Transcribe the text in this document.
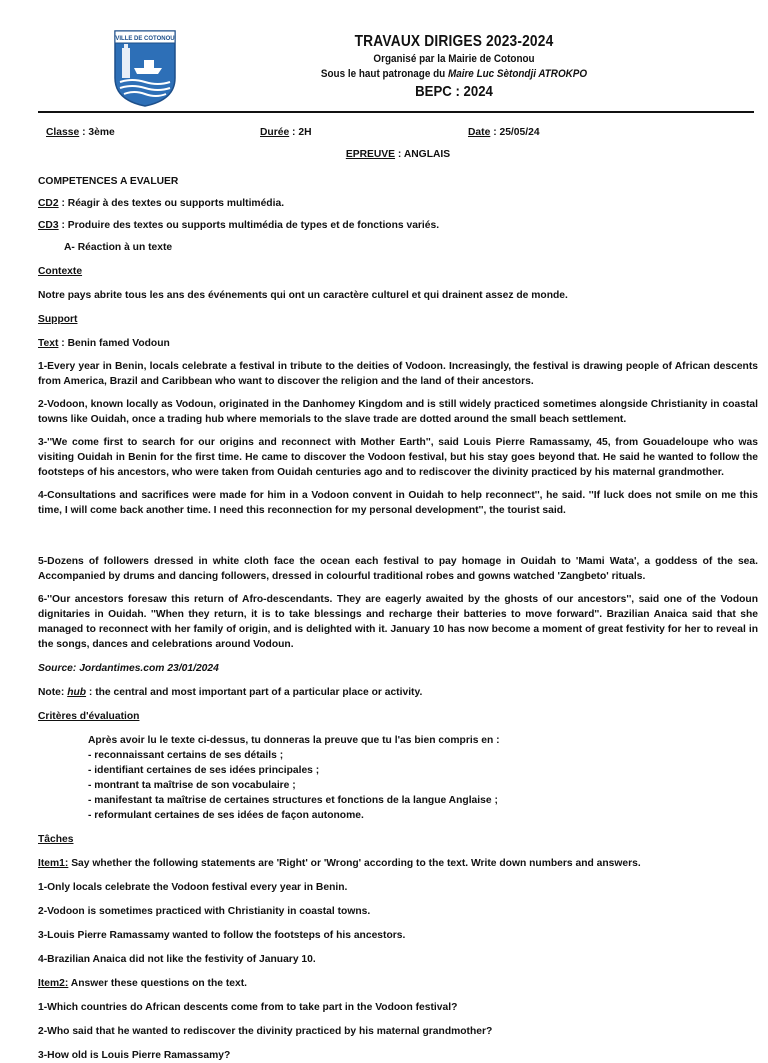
VILLE DE COTONOU	TRAVAUX DIRIGES 2023-2024
Organisé par la Mairie de Cotonou
Sous le haut patronage du Maire Luc Sètondji ATROKPO
BEPC : 2024
Classe : 3ème	Durée : 2H	Date : 25/05/24

EPREUVE : ANGLAIS

COMPETENCES A EVALUER

CD2 : Réagir à des textes ou supports multimédia.

CD3 : Produire des textes ou supports multimédia de types et de fonctions variés.

A- Réaction à un texte

Contexte

Notre pays abrite tous les ans des événements qui ont un caractère culturel et qui drainent assez de monde.

Support

Text : Benin famed Vodoun

1-Every year in Benin, locals celebrate a festival in tribute to the deities of Vodoon. Increasingly, the festival is drawing people of African descents from America, Brazil and Caribbean who want to discover the religion and the land of their ancestors.

2-Vodoon, known locally as Vodoun, originated in the Danhomey Kingdom and is still widely practiced sometimes alongside Christianity in coastal towns like Ouidah, once a trading hub where memorials to the slave trade are dotted around the small beach settlement.

3-''We come first to search for our origins and reconnect with Mother Earth'', said Louis Pierre Ramassamy, 45, from Gouadeloupe who was visiting Ouidah in Benin for the first time. He came to discover the Vodoon festival, but his stay goes beyond that. He said he wanted to follow the footsteps of his ancestors, who were taken from Ouidah centuries ago and to rediscover the divinity practiced by his maternal grandmother.

4-Consultations and sacrifices were made for him in a Vodoon convent in Ouidah to help reconnect'', he said. ''If luck does not smile on me this time, I will come back another time. I need this reconnection for my personal development'', the tourist said.

5-Dozens of followers dressed in white cloth face the ocean each festival to pay homage in Ouidah to 'Mami Wata', a goddess of the sea. Accompanied by drums and dancing followers, dressed in colourful traditional robes and gowns watched 'Zangbeto' rituals.

6-''Our ancestors foresaw this return of Afro-descendants. They are eagerly awaited by the ghosts of our ancestors'', said one of the Vodoun dignitaries in Ouidah. ''When they return, it is to take blessings and recharge their batteries to move forward''. Brazilian Anaica said that she managed to reconnect with her family of origin, and is delighted with it. January 10 has now become a moment of great festivity for her to reveal in the songs, dances and celebrations around Vodoun.

Source: Jordantimes.com 23/01/2024

Note: hub : the central and most important part of a particular place or activity.

Critères d'évaluation

Après avoir lu le texte ci-dessus, tu donneras la preuve que tu l'as bien compris en :

- reconnaissant certains de ses détails ;

- identifiant certaines de ses idées principales ;

- montrant ta maîtrise de son vocabulaire ;

- manifestant ta maîtrise de certaines structures et fonctions de la langue Anglaise ;

- reformulant certaines de ses idées de façon autonome.

Tâches

Item1: Say whether the following statements are 'Right' or 'Wrong' according to the text. Write down numbers and answers.

1-Only locals celebrate the Vodoon festival every year in Benin.

2-Vodoon is sometimes practiced with Christianity in coastal towns.

3-Louis Pierre Ramassamy wanted to follow the footsteps of his ancestors.

4-Brazilian Anaica did not like the festivity of January 10.

Item2: Answer these questions on the text.

1-Which countries do African descents come from to take part in the Vodoon festival?

2-Who said that he wanted to rediscover the divinity practiced by his maternal grandmother?

3-How old is Louis Pierre Ramassamy?
